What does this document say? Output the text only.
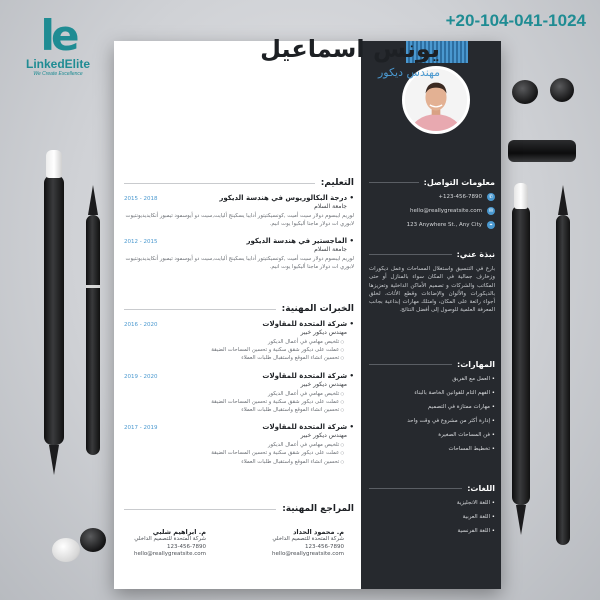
le
LinkedElite
We Create Excellence
+20-104-041-1024
يونس اسماعيل
مهندس ديكور
التعليم:
• درجة البكالوريوس في هندسة الديكور
2015 - 2018
جامعة السلام
لوريم ايبسوم دولار سيت أميت ,كونسيكتيتور أدايبا يسكينج أليايت,سيت دو أيوسمود تيمبور أنكايديديونتيوت لابوري ات دولار ماجنا أليكيوا يوت انيم.
• الماجستير في هندسة الديكور
2012 - 2015
جامعة السلام
لوريم ايبسوم دولار سيت أميت ,كونسيكتيتور أدايبا يسكينج أليايت,سيت دو أيوسمود تيمبور أنكايديديونتيوت لابوري ات دولار ماجنا أليكيوا يوت انيم.
الخبرات المهنية:
• شركة المتحدة للمقاولات
2016 - 2020
مهندس ديكور خبير
○ تلخيص مهامي في أعمال الديكور
○ عملت على ديكور شقق سكنية و تحسين المساحات الضيقة
○ تحسين انشاء الموقع واستقبال طلبات العملاء
• شركة المتحدة للمقاولات
2019 - 2020
مهندس ديكور خبير
○ تلخيص مهامي في أعمال الديكور
○ عملت على ديكور شقق سكنية و تحسين المساحات الضيقة
○ تحسين انشاء الموقع واستقبال طلبات العملاء
• شركة المتحدة للمقاولات
2017 - 2019
مهندس ديكور خبير
○ تلخيص مهامي في أعمال الديكور
○ عملت على ديكور شقق سكنية و تحسين المساحات الضيقة
○ تحسين انشاء الموقع واستقبال طلبات العملاء
المراجع المهنية:
م. محمود الحداد
شركة المتحدة للتصميم الداخلي
123-456-7890
hello@reallygreatsite.com
م. ابراهيم شلبي
شركة المتحدة للتصميم الداخلي
123-456-7890
hello@reallygreatsite.com
معلومات التواصل:
✆
+123-456-7890
✉
hello@reallygreatsite.com
⌖
123 Anywhere St., Any City
نبذة عني:
بارع في التنسيق واستغلال المساحات وعمل ديكورات وزخارف جمالية في المكان سواء بالمنازل أو حتى المكاتب والشركات و تصميم الأماكن الداخلية وتعزيزها بالديكورات والألوان والإضاءات وقطع الأثاث، لخلق أجواء رائعة على المكان، وامتلك مهارات إبداعية بجانب المعرفة العلمية للوصول إلى أفضل النتائج.
المهارات:
• العمل مع الفريق
• الفهم التام للقوانين الخاصة بالبناء
• مهارات ممتازة في التصميم
• إدارة أكثر من مشروع في وقت واحد
• فن المساحات الصغيرة
• تخطيط المساحات
اللغات:
• اللغة الانجليزية
• اللغة العربية
• اللغة الفرنسية
